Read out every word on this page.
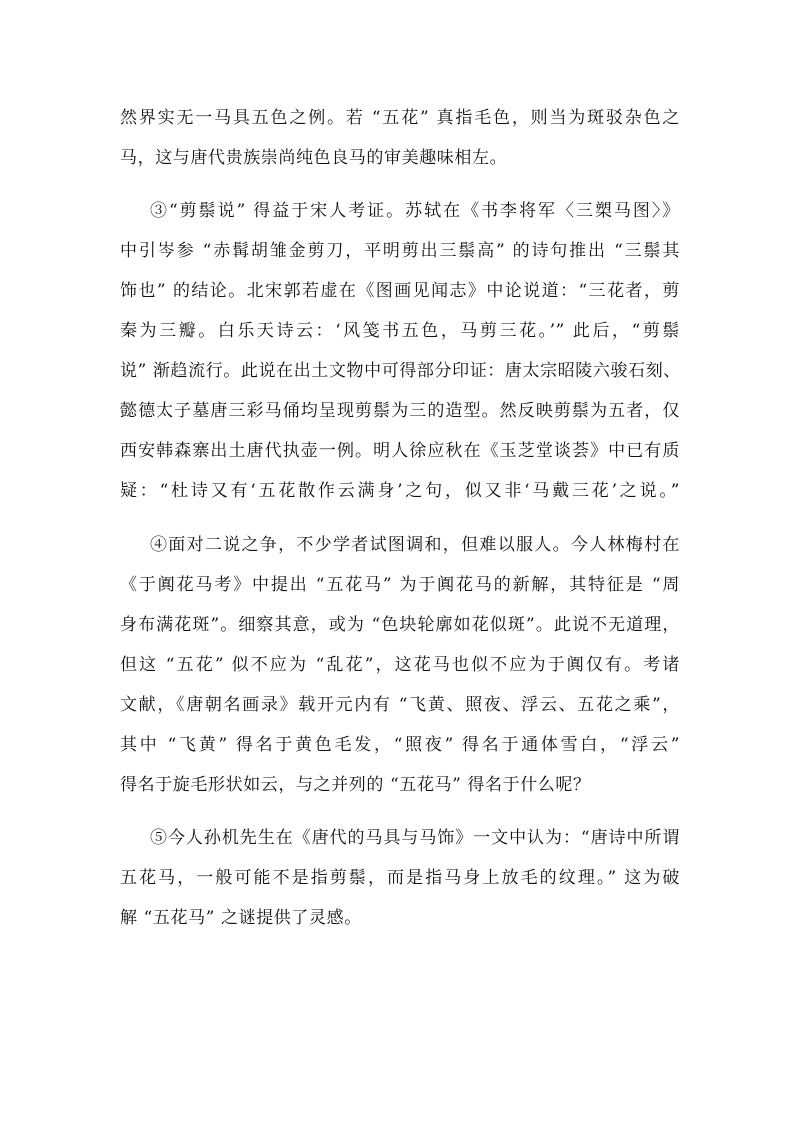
然界实无一马具五色之例。若 “五花” 真指毛色，则当为斑驳杂色之
马，这与唐代贵族崇尚纯色良马的审美趣味相左。
③“剪鬃说” 得益于宋人考证。苏轼在《书李将军〈三槊马图〉》
中引岑参 “赤髯胡雏金剪刀，平明剪出三鬃高” 的诗句推出 “三鬃其
饰也” 的结论。北宋郭若虚在《图画见闻志》中论说道：“三花者，剪
秦为三瓣。白乐天诗云：‘风笺书五色，马剪三花。’” 此后，“剪鬃
说” 渐趋流行。此说在出土文物中可得部分印证：唐太宗昭陵六骏石刻、
懿德太子墓唐三彩马俑均呈现剪鬃为三的造型。然反映剪鬃为五者，仅
西安韩森寨出土唐代执壶一例。明人徐应秋在《玉芝堂谈荟》中已有质
疑：“杜诗又有‘五花散作云满身’之句，似又非‘马戴三花’之说。”
④面对二说之争，不少学者试图调和，但难以服人。今人林梅村在
《于阗花马考》中提出 “五花马” 为于阗花马的新解，其特征是 “周
身布满花斑”。细察其意，或为 “色块轮廓如花似斑”。此说不无道理，
但这 “五花” 似不应为 “乱花”，这花马也似不应为于阗仅有。考诸
文献，《唐朝名画录》载开元内有 “飞黄、照夜、浮云、五花之乘”，
其中 “飞黄” 得名于黄色毛发，“照夜” 得名于通体雪白，“浮云”
得名于旋毛形状如云，与之并列的 “五花马” 得名于什么呢？
⑤今人孙机先生在《唐代的马具与马饰》一文中认为：“唐诗中所谓
五花马，一般可能不是指剪鬃，而是指马身上放毛的纹理。” 这为破
解 “五花马” 之谜提供了灵感。
